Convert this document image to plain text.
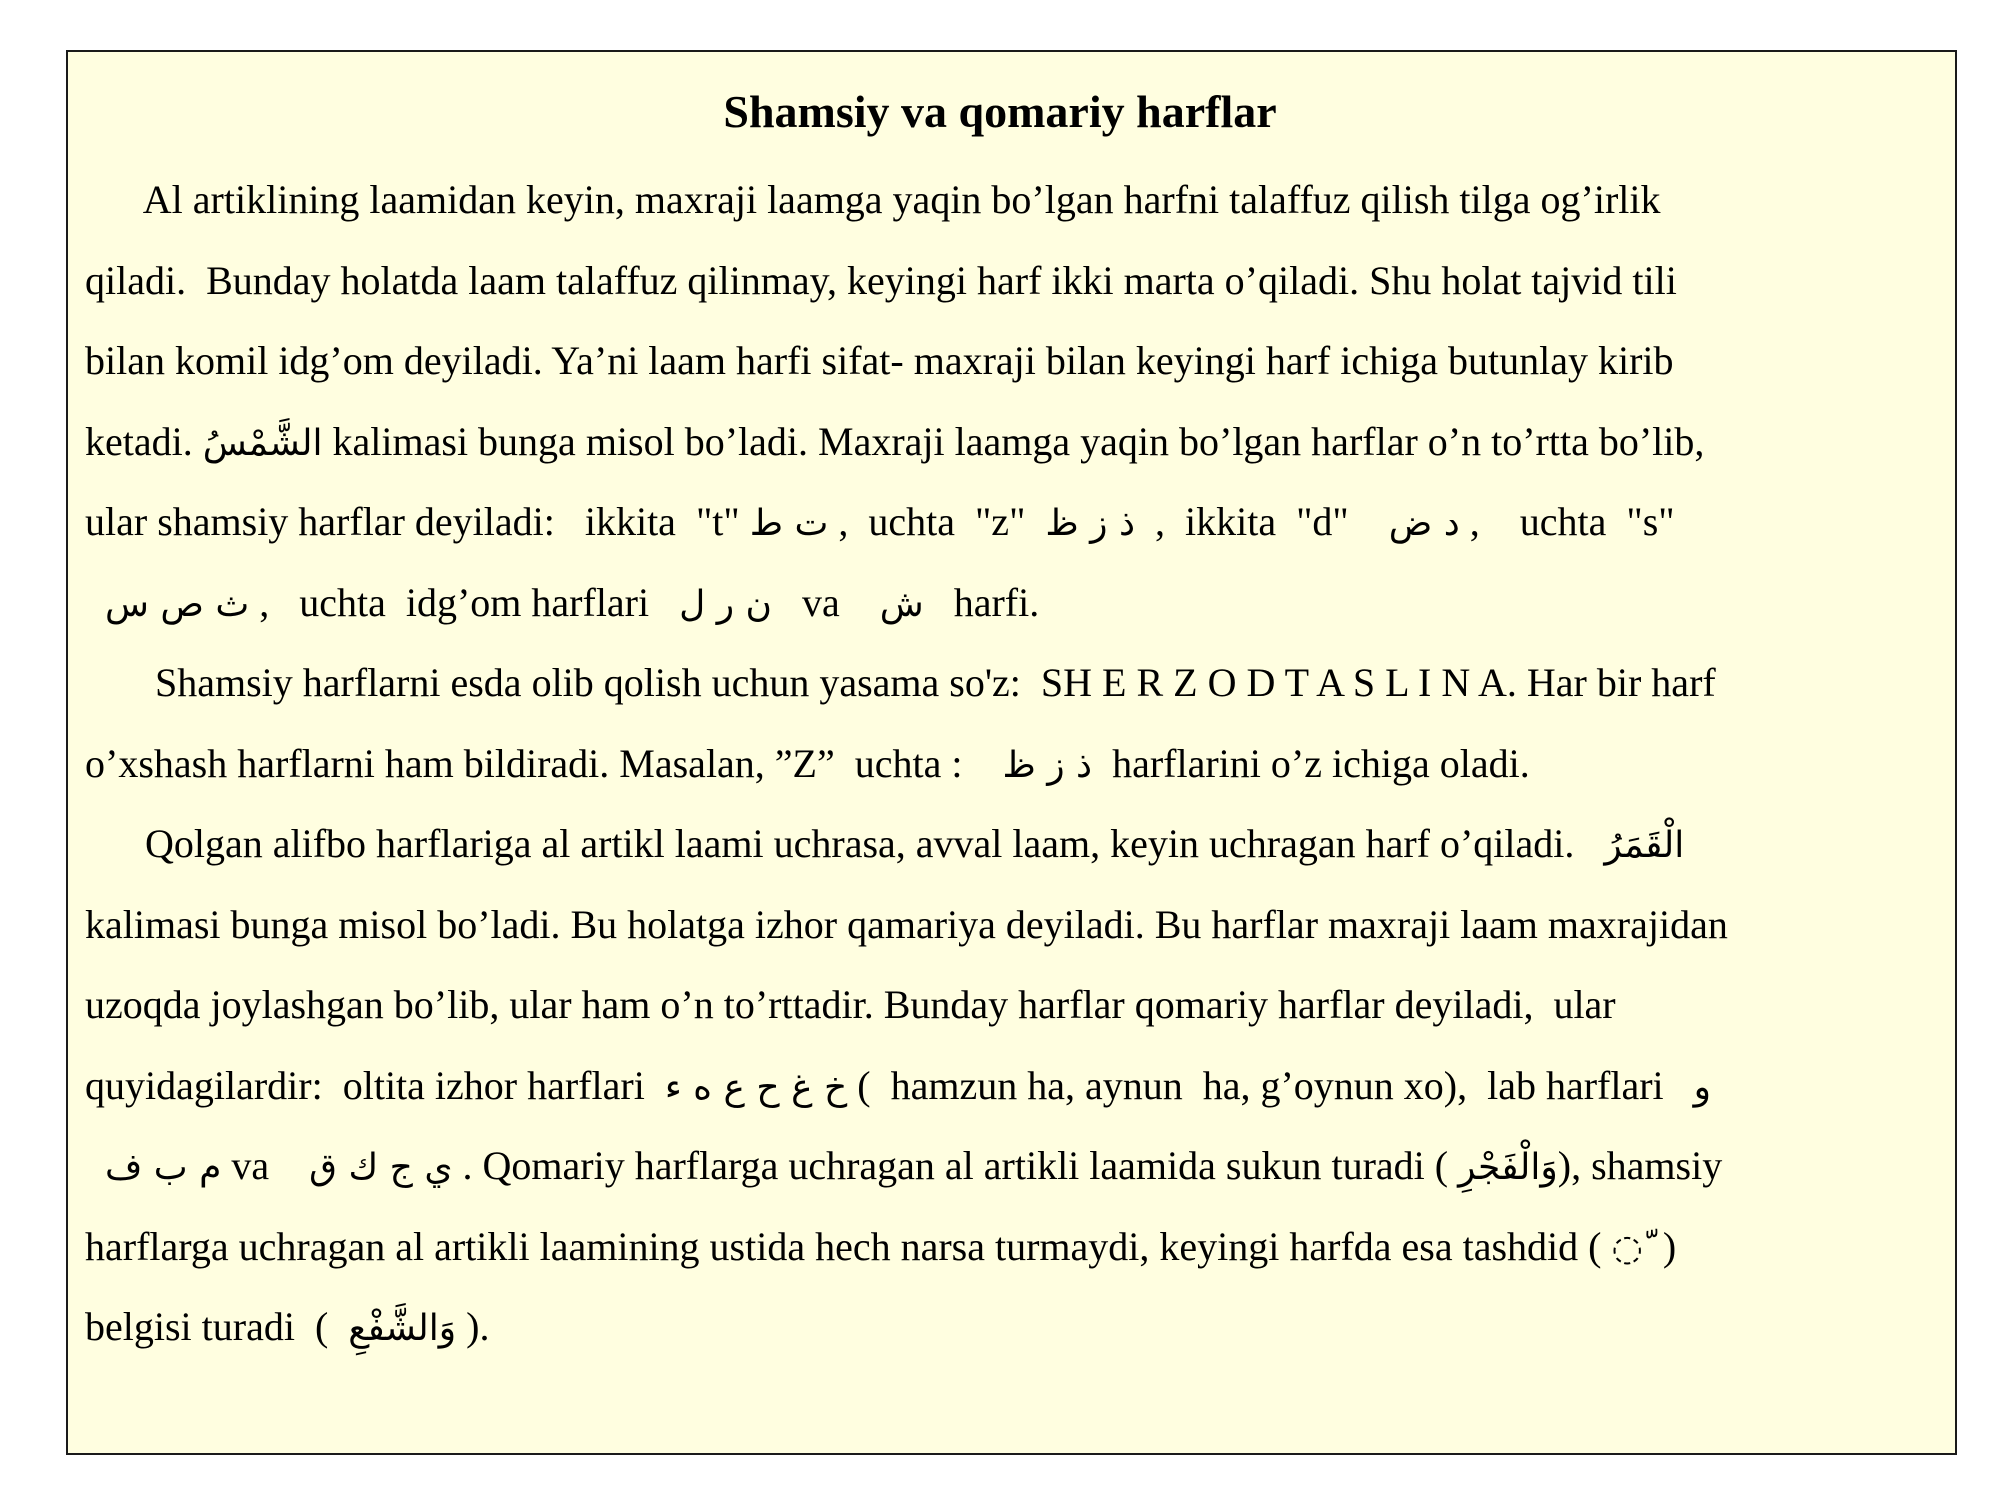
Shamsiy va qomariy harflar
Al artiklining laamidan keyin, maxraji laamga yaqin bo’lgan harfni talaffuz qilish tilga og’irlik
qiladi.  Bunday holatda laam talaffuz qilinmay, keyingi harf ikki marta o’qiladi. Shu holat tajvid tili
bilan komil idg’om deyiladi. Ya’ni laam harfi sifat- maxraji bilan keyingi harf ichiga butunlay kirib
ketadi. الشَّمْسُ kalimasi bunga misol bo’ladi. Maxraji laamga yaqin bo’lgan harflar o’n to’rtta bo’lib,
ular shamsiy harflar deyiladi:   ikkita  "t" ت ط ,  uchta  "z"  ذ ز ظ  ,  ikkita  "d"    د ض ,    uchta  "s"
ث ص س ,   uchta  idg’om harflari   ن ر ل   va    ش   harfi.
Shamsiy harflarni esda olib qolish uchun yasama so'z:  SH E R Z O D T A S L I N A. Har bir harf
o’xshash harflarni ham bildiradi. Masalan, ”Z”  uchta :    ذ ز ظ  harflarini o’z ichiga oladi.
Qolgan alifbo harflariga al artikl laami uchrasa, avval laam, keyin uchragan harf o’qiladi.   الْقَمَرُ
kalimasi bunga misol bo’ladi. Bu holatga izhor qamariya deyiladi. Bu harflar maxraji laam maxrajidan
uzoqda joylashgan bo’lib, ular ham o’n to’rttadir. Bunday harflar qomariy harflar deyiladi,  ular
quyidagilardir:  oltita izhor harflari  خ غ ح ع ه ء (  hamzun ha, aynun  ha, g’oynun xo),  lab harflari   و
م ب ف va    ي ج ك ق . Qomariy harflarga uchragan al artikli laamida sukun turadi ( وَالْفَجْرِ), shamsiy
harflarga uchragan al artikli laamining ustida hech narsa turmaydi, keyingi harfda esa tashdid ( ّ◌  )
belgisi turadi  (  وَالشَّفْعِ ).
